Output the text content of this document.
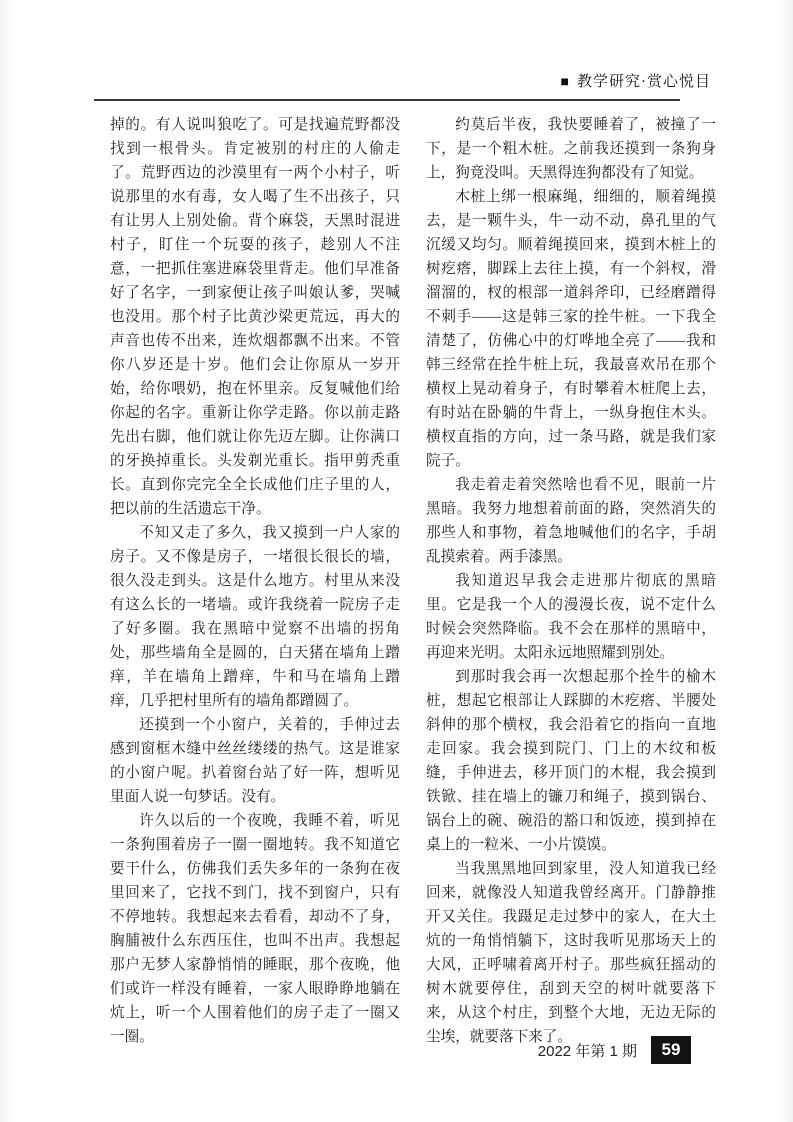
■ 教学研究·赏心悦目

掉的。有人说叫狼吃了。可是找遍荒野都没找到一根骨头。肯定被别的村庄的人偷走了。荒野西边的沙漠里有一两个小村子，听说那里的水有毒，女人喝了生不出孩子，只有让男人上别处偷。背个麻袋，天黑时混进村子，盯住一个玩耍的孩子，趁别人不注意，一把抓住塞进麻袋里背走。他们早准备好了名字，一到家便让孩子叫娘认爹，哭喊也没用。那个村子比黄沙梁更荒远，再大的声音也传不出来，连炊烟都飘不出来。不管你八岁还是十岁。他们会让你原从一岁开始，给你喂奶，抱在怀里亲。反复喊他们给你起的名字。重新让你学走路。你以前走路先出右脚，他们就让你先迈左脚。让你满口的牙换掉重长。头发剃光重长。指甲剪秃重长。直到你完完全全长成他们庄子里的人，把以前的生活遗忘干净。

不知又走了多久，我又摸到一户人家的房子。又不像是房子，一堵很长很长的墙，很久没走到头。这是什么地方。村里从来没有这么长的一堵墙。或许我绕着一院房子走了好多圈。我在黑暗中觉察不出墙的拐角处，那些墙角全是圆的，白天猪在墙角上蹭痒，羊在墙角上蹭痒，牛和马在墙角上蹭痒，几乎把村里所有的墙角都蹭圆了。

还摸到一个小窗户，关着的，手伸过去感到窗框木缝中丝丝缕缕的热气。这是谁家的小窗户呢。扒着窗台站了好一阵，想听见里面人说一句梦话。没有。

许久以后的一个夜晚，我睡不着，听见一条狗围着房子一圈一圈地转。我不知道它要干什么，仿佛我们丢失多年的一条狗在夜里回来了，它找不到门，找不到窗户，只有不停地转。我想起来去看看，却动不了身，胸脯被什么东西压住，也叫不出声。我想起那户无梦人家静悄悄的睡眠，那个夜晚，他们或许一样没有睡着，一家人眼睁睁地躺在炕上，听一个人围着他们的房子走了一圈又一圈。

约莫后半夜，我快要睡着了，被撞了一下，是一个粗木桩。之前我还摸到一条狗身上，狗竟没叫。天黑得连狗都没有了知觉。

木桩上绑一根麻绳，细细的，顺着绳摸去，是一颗牛头，牛一动不动，鼻孔里的气沉缓又均匀。顺着绳摸回来，摸到木桩上的树疙瘩，脚踩上去往上摸，有一个斜杈，滑溜溜的，杈的根部一道斜斧印，已经磨蹭得不刺手——这是韩三家的拴牛桩。一下我全清楚了，仿佛心中的灯哗地全亮了——我和韩三经常在拴牛桩上玩，我最喜欢吊在那个横杈上晃动着身子，有时攀着木桩爬上去，有时站在卧躺的牛背上，一纵身抱住木头。横杈直指的方向，过一条马路，就是我们家院子。

我走着走着突然啥也看不见，眼前一片黑暗。我努力地想着前面的路，突然消失的那些人和事物，着急地喊他们的名字，手胡乱摸索着。两手漆黑。

我知道迟早我会走进那片彻底的黑暗里。它是我一个人的漫漫长夜，说不定什么时候会突然降临。我不会在那样的黑暗中，再迎来光明。太阳永远地照耀到别处。

到那时我会再一次想起那个拴牛的榆木桩，想起它根部让人踩脚的木疙瘩、半腰处斜伸的那个横杈，我会沿着它的指向一直地走回家。我会摸到院门、门上的木纹和板缝，手伸进去，移开顶门的木棍，我会摸到铁锨、挂在墙上的镰刀和绳子，摸到锅台、锅台上的碗、碗沿的豁口和饭迹，摸到掉在桌上的一粒米、一小片馍馍。

当我黑黑地回到家里，没人知道我已经回来，就像没人知道我曾经离开。门静静推开又关住。我蹑足走过梦中的家人，在大土炕的一角悄悄躺下，这时我听见那场天上的大风，正呼啸着离开村子。那些疯狂摇动的树木就要停住，刮到天空的树叶就要落下来，从这个村庄，到整个大地，无边无际的尘埃，就要落下来了。

2022 年第 1 期	59
